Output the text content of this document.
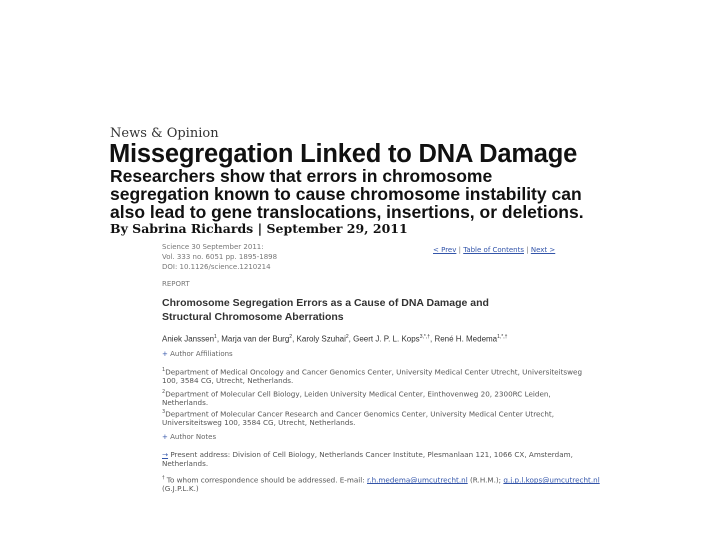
News & Opinion
Missegregation Linked to DNA Damage
Researchers show that errors in chromosome
segregation known to cause chromosome instability can
also lead to gene translocations, insertions, or deletions.
By Sabrina Richards | September 29, 2011
Science 30 September 2011:
Vol. 333 no. 6051 pp. 1895-1898
DOI: 10.1126/science.1210214
< Prev | Table of Contents | Next >
REPORT
Chromosome Segregation Errors as a Cause of DNA Damage and
Structural Chromosome Aberrations
Aniek Janssen$^1$, Marja van der Burg$^2$, Karoly Szuhai$^2$, Geert J. P. L. Kops$^{3,*,\dagger}$, René H. Medema$^{1,*,\dagger}$
+ Author Affiliations
$^1$Department of Medical Oncology and Cancer Genomics Center, University Medical Center Utrecht, Universiteitsweg
100, 3584 CG, Utrecht, Netherlands.
$^2$Department of Molecular Cell Biology, Leiden University Medical Center, Einthovenweg 20, 2300RC Leiden,
Netherlands.
$^3$Department of Molecular Cancer Research and Cancer Genomics Center, University Medical Center Utrecht,
Universiteitsweg 100, 3584 CG, Utrecht, Netherlands.
+ Author Notes
→ Present address: Division of Cell Biology, Netherlands Cancer Institute, Plesmanlaan 121, 1066 CX, Amsterdam,
Netherlands.
† To whom correspondence should be addressed. E-mail: r.h.medema@umcutrecht.nl (R.H.M.); g.j.p.l.kops@umcutrecht.nl
(G.J.P.L.K.)
